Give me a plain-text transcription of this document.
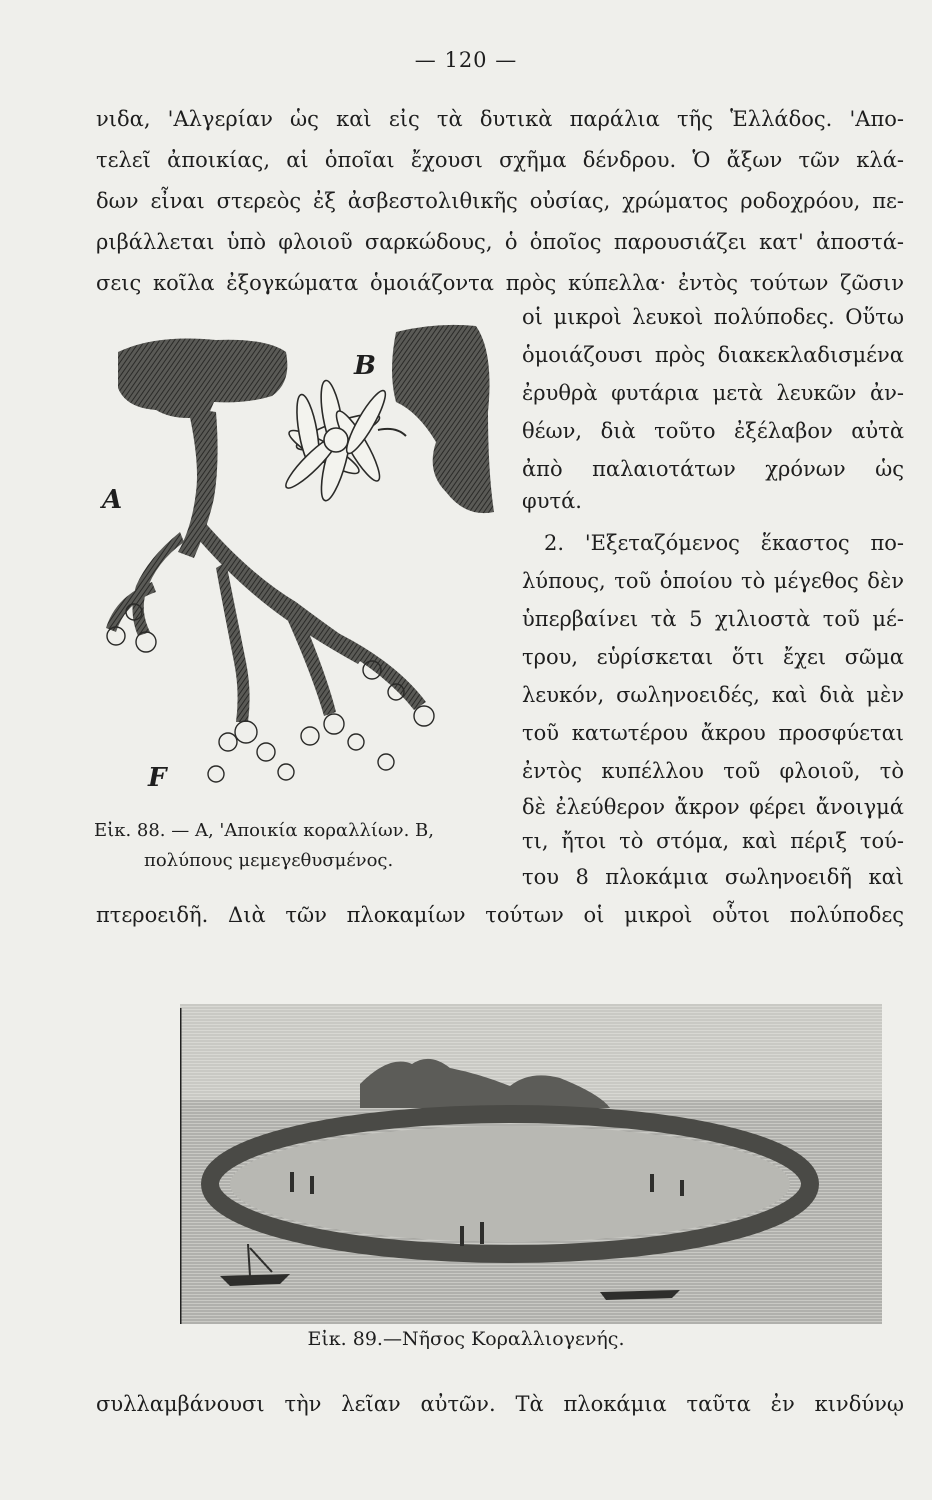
— 120 —
νιδα, 'Αλγερίαν ὡς καὶ εἰς τὰ δυτικὰ παράλια τῆς Ἑλλάδος. 'Απο-
τελεῖ ἀποικίας, αἱ ὁποῖαι ἔχουσι σχῆμα δένδρου. Ὁ ἄξων τῶν κλά-
δων εἶναι στερεὸς ἐξ ἀσβεστολιθικῆς οὐσίας, χρώματος ροδοχρόου, πε-
ριβάλλεται ὑπὸ φλοιοῦ σαρκώδους, ὁ ὁποῖος παρουσιάζει κατ' ἀποστά-
σεις κοῖλα ἐξογκώματα ὁμοιάζοντα πρὸς κύπελλα· ἐντὸς τούτων ζῶσιν
οἱ μικροὶ λευκοὶ πολύποδες. Οὕτω
ὁμοιάζουσι πρὸς διακεκλαδισμένα
ἐρυθρὰ φυτάρια μετὰ λευκῶν ἀν-
θέων, διὰ τοῦτο ἐξέλαβον αὐτὰ
ἀπὸ παλαιοτάτων χρόνων ὡς
φυτά.
2. 'Εξεταζόμενος ἕκαστος πο-
λύπους, τοῦ ὁποίου τὸ μέγεθος δὲν
ὑπερβαίνει τὰ 5 χιλιοστὰ τοῦ μέ-
τρου, εὑρίσκεται ὅτι ἔχει σῶμα
λευκόν, σωληνοειδές, καὶ διὰ μὲν
τοῦ κατωτέρου ἄκρου προσφύεται
ἐντὸς κυπέλλου τοῦ φλοιοῦ, τὸ
δὲ ἐλεύθερον ἄκρον φέρει ἄνοιγμά
τι, ἤτοι τὸ στόμα, καὶ πέριξ τού-
του 8 πλοκάμια σωληνοειδῆ καὶ
B
A
F
Εἰκ. 88. — Α, 'Αποικία κοραλλίων. Β,
πολύπους μεμεγεθυσμένος.
πτεροειδῆ. Διὰ τῶν πλοκαμίων τούτων οἱ μικροὶ οὗτοι πολύποδες
Εἰκ. 89.—Νῆσος Κοραλλιογενής.
συλλαμβάνουσι τὴν λεῖαν αὐτῶν. Τὰ πλοκάμια ταῦτα ἐν κινδύνῳ
